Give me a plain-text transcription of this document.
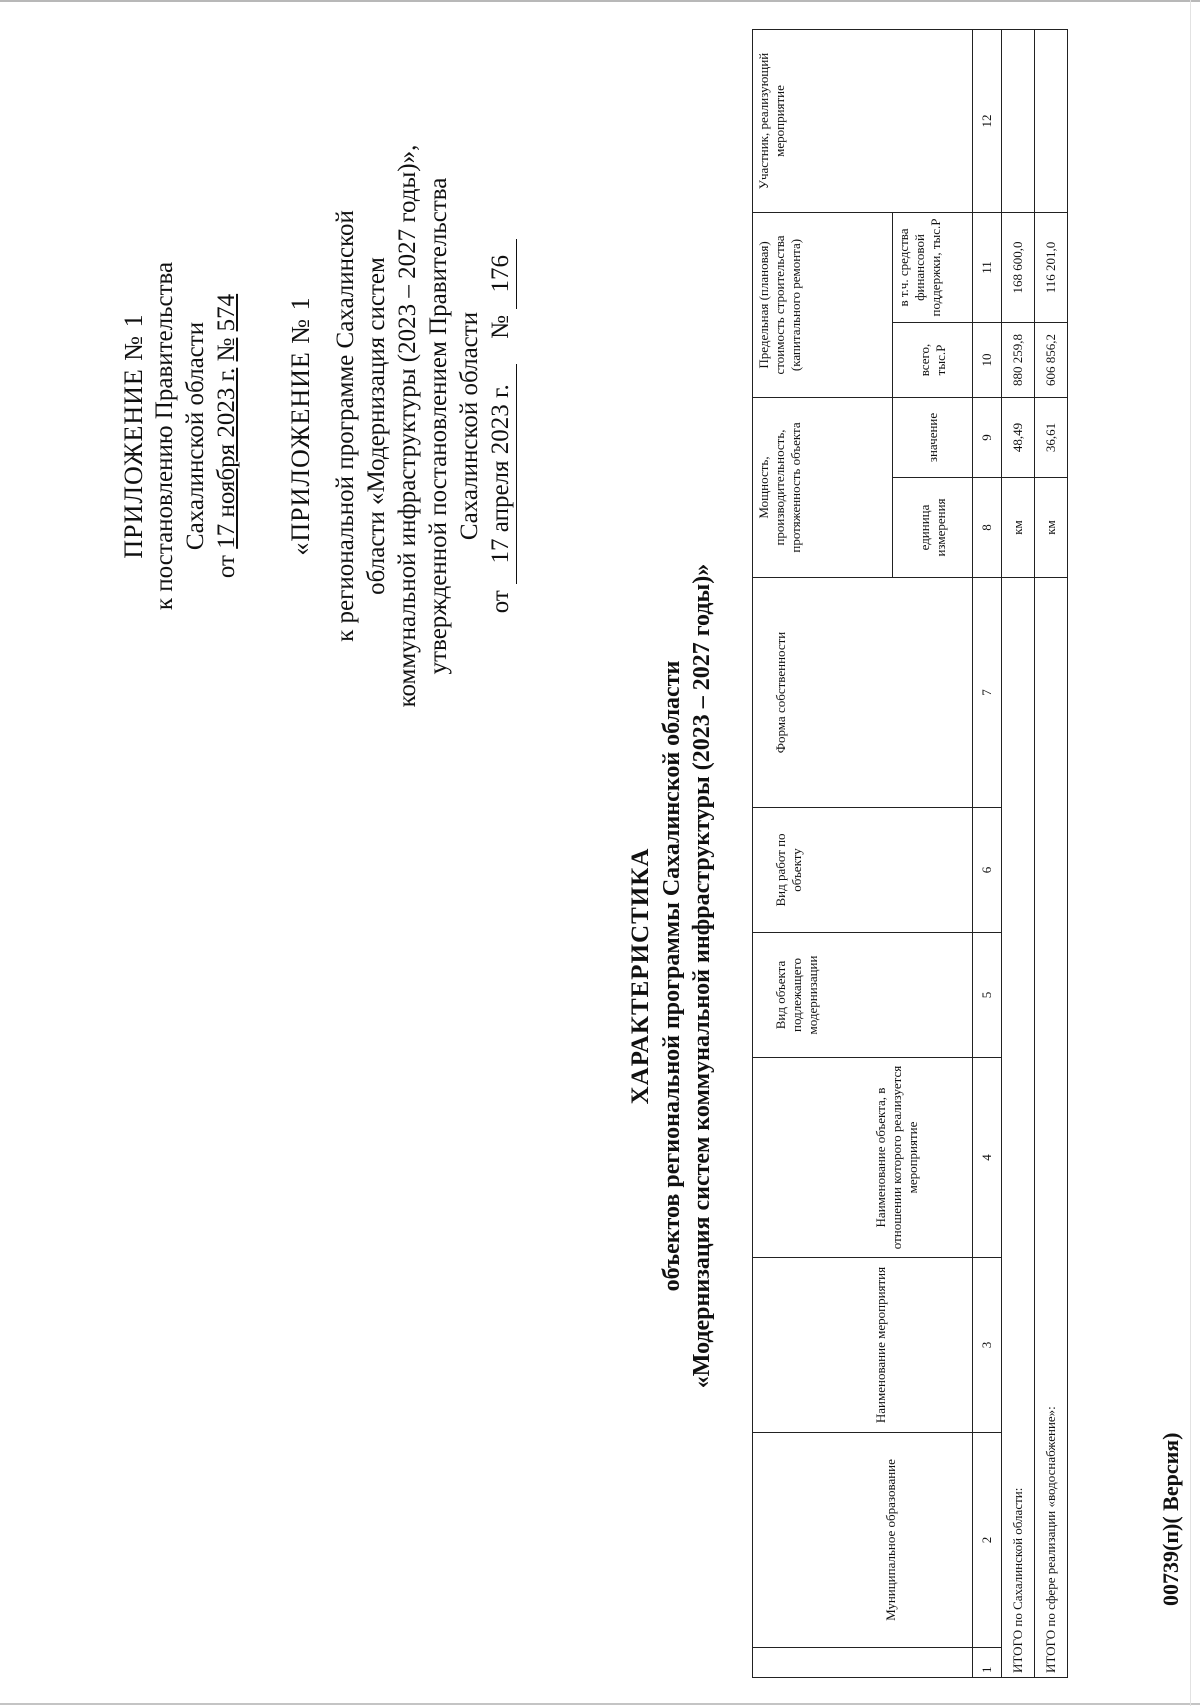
ПРИЛОЖЕНИЕ № 1 к постановлению Правительства Сахалинской области
от 17 ноября 2023 г. № 574 «ПРИЛОЖЕНИЕ № 1 к региональной программе Сахалинской области «Модернизация систем коммунальной инфраструктуры (2023 – 2027 годы)», утвержденной постановлением Правительства Сахалинской области
от 17 апреля 2023 г.    № 176
ХАРАКТЕРИСТИКА объектов региональной программы Сахалинской области «Модернизация систем коммунальной инфраструктуры (2023 – 2027 годы)»
	Муниципальное образование	Наименование мероприятия	Наименование объекта, в отношении которого реализуется мероприятие	Вид объекта подлежащего модернизации	Вид работ по объекту	Форма собственности	Мощность, производительность, протяженность объекта		Предельная (плановая) стоимость строительства (капитального ремонта)		Участник, реализующий мероприятие
							единица измерения	значение	всего, тыс.Р	в т.ч. средства финансовой поддержки, тыс.Р	
1	2	3	4	5	6	7	8	9	10	11	12
ИТОГО по Сахалинской области:							км	48,49	880 259,8	168 600,0	
ИТОГО по сфере реализации «водоснабжение»:							км	36,61	606 856,2	116 201,0	
00739(п)( Версия)
